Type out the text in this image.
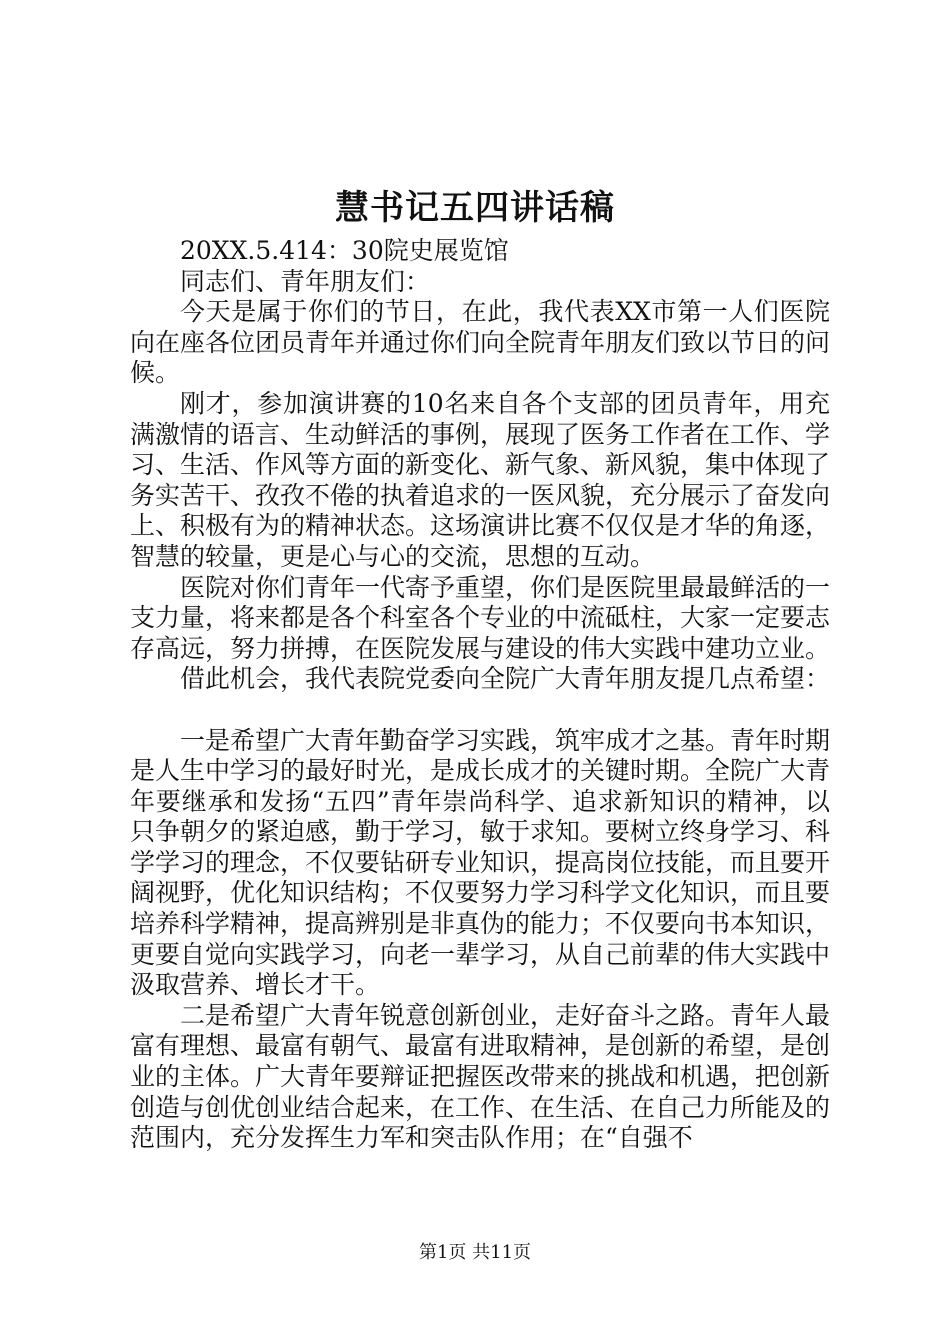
慧书记五四讲话稿

20XX.5.414：30院史展览馆

同志们、青年朋友们：

今天是属于你们的节日，在此，我代表XX市第一人们医院向在座各位团员青年并通过你们向全院青年朋友们致以节日的问候。

刚才，参加演讲赛的10名来自各个支部的团员青年，用充满激情的语言、生动鲜活的事例，展现了医务工作者在工作、学习、生活、作风等方面的新变化、新气象、新风貌，集中体现了务实苦干、孜孜不倦的执着追求的一医风貌，充分展示了奋发向上、积极有为的精神状态。这场演讲比赛不仅仅是才华的角逐，智慧的较量，更是心与心的交流，思想的互动。

医院对你们青年一代寄予重望，你们是医院里最最鲜活的一支力量，将来都是各个科室各个专业的中流砥柱，大家一定要志存高远，努力拼搏，在医院发展与建设的伟大实践中建功立业。

借此机会，我代表院党委向全院广大青年朋友提几点希望：

一是希望广大青年勤奋学习实践，筑牢成才之基。青年时期是人生中学习的最好时光，是成长成才的关键时期。全院广大青年要继承和发扬“五四”青年崇尚科学、追求新知识的精神，以只争朝夕的紧迫感，勤于学习，敏于求知。要树立终身学习、科学学习的理念，不仅要钻研专业知识，提高岗位技能，而且要开阔视野，优化知识结构；不仅要努力学习科学文化知识，而且要培养科学精神，提高辨别是非真伪的能力；不仅要向书本知识，更要自觉向实践学习，向老一辈学习，从自己前辈的伟大实践中汲取营养、增长才干。

二是希望广大青年锐意创新创业，走好奋斗之路。青年人最富有理想、最富有朝气、最富有进取精神，是创新的希望，是创业的主体。广大青年要辩证把握医改带来的挑战和机遇，把创新创造与创优创业结合起来，在工作、在生活、在自己力所能及的范围内，充分发挥生力军和突击队作用；在“自强不

第1页 共11页
